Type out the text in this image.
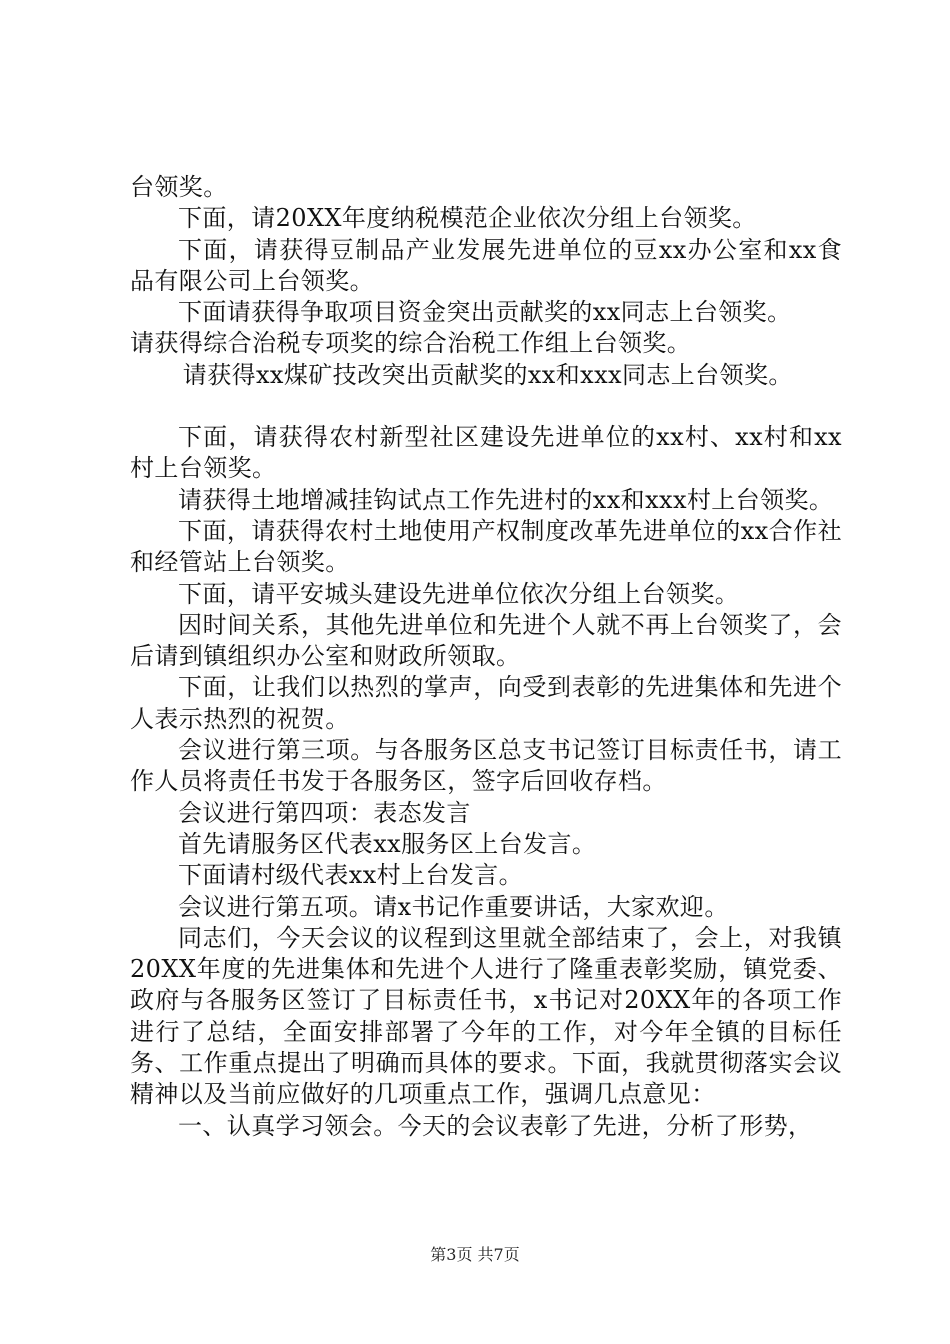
台领奖。

下面，请20XX年度纳税模范企业依次分组上台领奖。

下面，请获得豆制品产业发展先进单位的豆xx办公室和xx食品有限公司上台领奖。

下面请获得争取项目资金突出贡献奖的xx同志上台领奖。

请获得综合治税专项奖的综合治税工作组上台领奖。

请获得xx煤矿技改突出贡献奖的xx和xxx同志上台领奖。

下面，请获得农村新型社区建设先进单位的xx村、xx村和xx村上台领奖。

请获得土地增减挂钩试点工作先进村的xx和xxx村上台领奖。

下面，请获得农村土地使用产权制度改革先进单位的xx合作社和经管站上台领奖。

下面，请平安城头建设先进单位依次分组上台领奖。

因时间关系，其他先进单位和先进个人就不再上台领奖了，会后请到镇组织办公室和财政所领取。

下面，让我们以热烈的掌声，向受到表彰的先进集体和先进个人表示热烈的祝贺。

会议进行第三项。与各服务区总支书记签订目标责任书，请工作人员将责任书发于各服务区，签字后回收存档。

会议进行第四项：表态发言

首先请服务区代表xx服务区上台发言。

下面请村级代表xx村上台发言。

会议进行第五项。请x书记作重要讲话，大家欢迎。

同志们，今天会议的议程到这里就全部结束了，会上，对我镇20XX年度的先进集体和先进个人进行了隆重表彰奖励，镇党委、政府与各服务区签订了目标责任书，x书记对20XX年的各项工作进行了总结，全面安排部署了今年的工作，对今年全镇的目标任务、工作重点提出了明确而具体的要求。下面，我就贯彻落实会议精神以及当前应做好的几项重点工作，强调几点意见：

一、认真学习领会。今天的会议表彰了先进，分析了形势，

第3页 共7页
